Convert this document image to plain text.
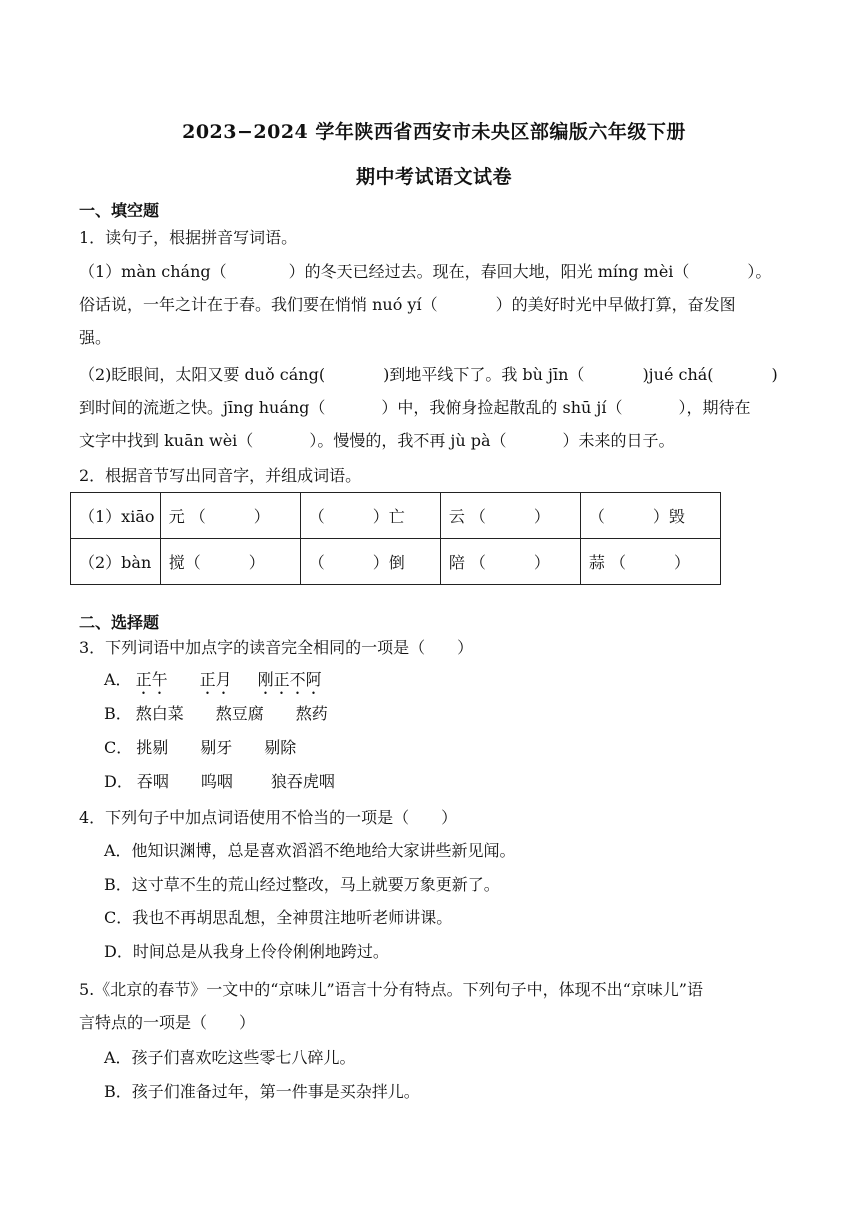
2023−2024 学年陕西省西安市未央区部编版六年级下册
期中考试语文试卷
一、填空题
1．读句子，根据拼音写词语。
（1）màn cháng（	）的冬天已经过去。现在，春回大地，阳光 míng mèi（	）。
俗话说，一年之计在于春。我们要在悄悄 nuó yí（	）的美好时光中早做打算，奋发图
强。
（2)眨眼间，太阳又要 duǒ cáng(	)到地平线下了。我 bù jīn（	)jué chá(	)
到时间的流逝之快。jīng huáng（	）中，我俯身捡起散乱的 shū jí（	），期待在
文字中找到 kuān wèi（	）。慢慢的，我不再 jù pà（	）未来的日子。
2．根据音节写出同音字，并组成词语。
（1）xiāo	元 （　　　）	（　　　）亡	云 （　　　）	（　　　）毁
（2）bàn	搅（　　　）	（　　　）倒	陪 （　　　）	蒜 （　　　）
二、选择题
3．下列词语中加点字的读音完全相同的一项是（　　）
A． 正午 正月 刚正不阿
B． 熬白菜 熬豆腐 熬药
C． 挑剔 剔牙 剔除
D． 吞咽 呜咽 狼吞虎咽
4．下列句子中加点词语使用不恰当的一项是（　　）
A．他知识渊博，总是喜欢滔滔不绝地给大家讲些新见闻。
B．这寸草不生的荒山经过整改，马上就要万象更新了。
C．我也不再胡思乱想，全神贯注地听老师讲课。
D．时间总是从我身上伶伶俐俐地跨过。
5.《北京的春节》一文中的“京味儿”语言十分有特点。下列句子中，体现不出“京味儿”语
言特点的一项是（　　）
A．孩子们喜欢吃这些零七八碎儿。
B．孩子们准备过年，第一件事是买杂拌儿。
